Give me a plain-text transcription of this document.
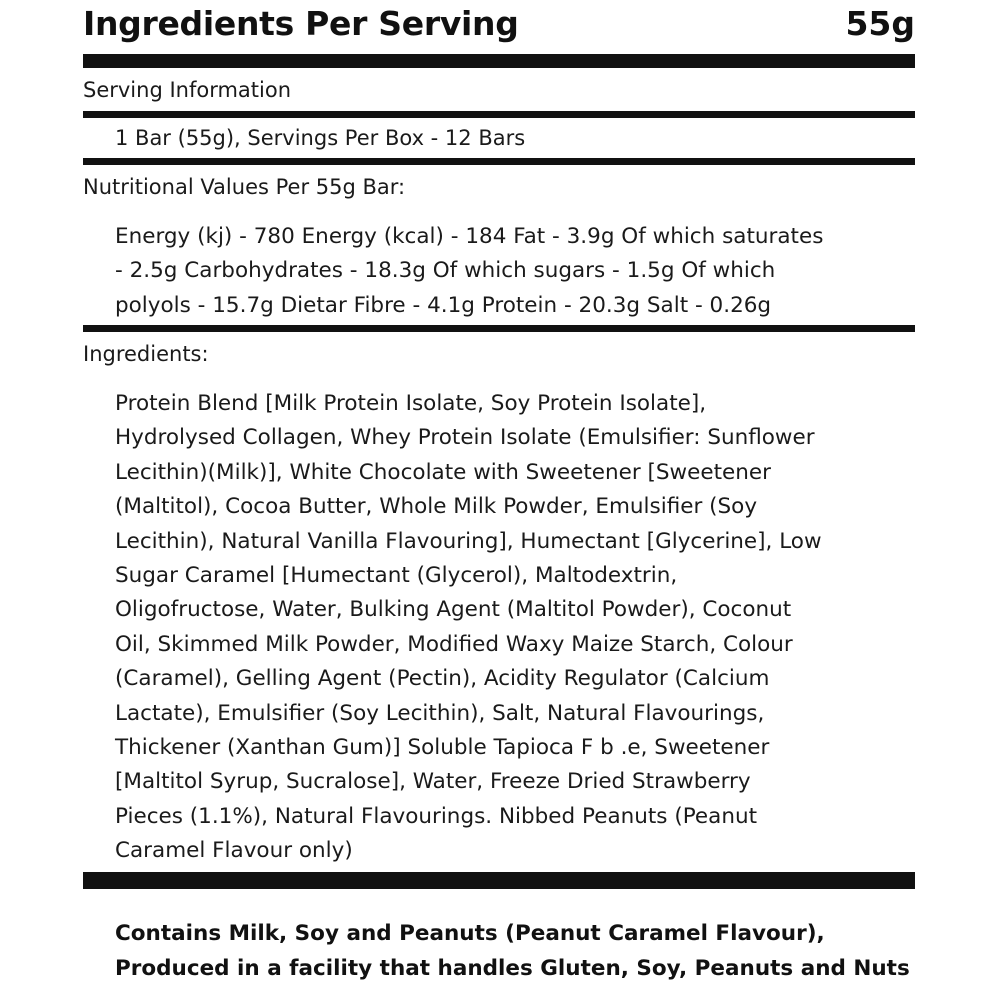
Ingredients Per Serving	55g
Serving Information
1 Bar (55g), Servings Per Box - 12 Bars
Nutritional Values Per 55g Bar:
Energy (kj) - 780 Energy (kcal) - 184 Fat - 3.9g Of which saturates
- 2.5g Carbohydrates - 18.3g Of which sugars - 1.5g Of which
polyols - 15.7g Dietar Fibre - 4.1g Protein - 20.3g Salt - 0.26g
Ingredients:
Protein Blend [Milk Protein Isolate, Soy Protein Isolate],
Hydrolysed Collagen, Whey Protein Isolate (Emulsifier: Sunflower
Lecithin)(Milk)], White Chocolate with Sweetener [Sweetener
(Maltitol), Cocoa Butter, Whole Milk Powder, Emulsifier (Soy
Lecithin), Natural Vanilla Flavouring], Humectant [Glycerine], Low
Sugar Caramel [Humectant (Glycerol), Maltodextrin,
Oligofructose, Water, Bulking Agent (Maltitol Powder), Coconut
Oil, Skimmed Milk Powder, Modified Waxy Maize Starch, Colour
(Caramel), Gelling Agent (Pectin), Acidity Regulator (Calcium
Lactate), Emulsifier (Soy Lecithin), Salt, Natural Flavourings,
Thickener (Xanthan Gum)] Soluble Tapioca F b .e, Sweetener
[Maltitol Syrup, Sucralose], Water, Freeze Dried Strawberry
Pieces (1.1%), Natural Flavourings. Nibbed Peanuts (Peanut
Caramel Flavour only)
Contains Milk, Soy and Peanuts (Peanut Caramel Flavour),
Produced in a facility that handles Gluten, Soy, Peanuts and Nuts
